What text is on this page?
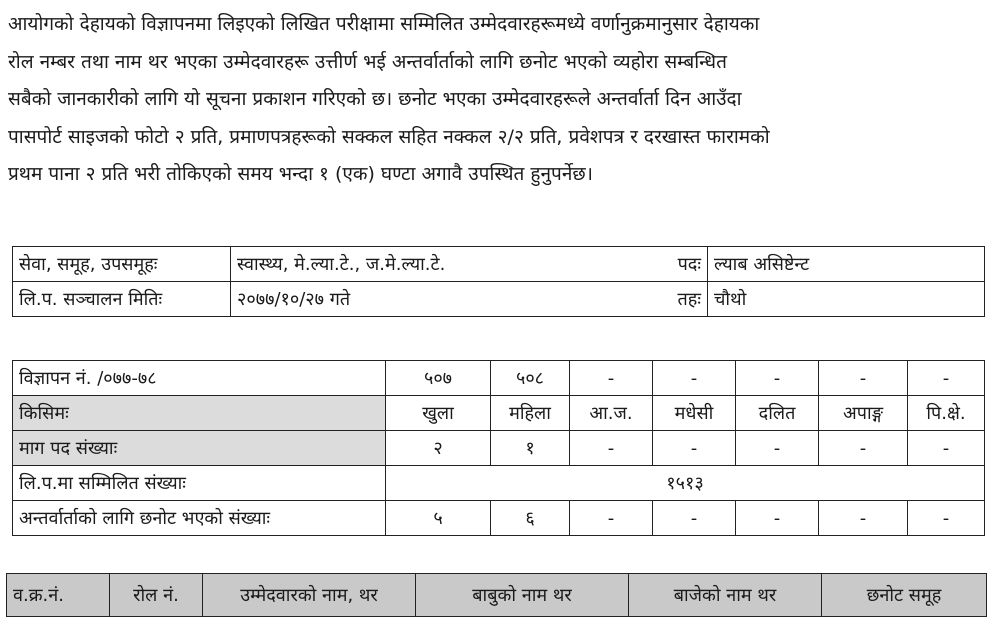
आयोगको देहायको विज्ञापनमा लिइएको लिखित परीक्षामा सम्मिलित उम्मेदवारहरूमध्ये वर्णानुक्रमानुसार देहायका
रोल नम्बर तथा नाम थर भएका उम्मेदवारहरू उत्तीर्ण भई अन्तर्वार्ताको लागि छनोट भएको व्यहोरा सम्बन्धित
सबैको जानकारीको लागि यो सूचना प्रकाशन गरिएको छ। छनोट भएका उम्मेदवारहरूले अन्तर्वार्ता दिन आउँदा
पासपोर्ट साइजको फोटो २ प्रति, प्रमाणपत्रहरूको सक्कल सहित नक्कल २/२ प्रति, प्रवेशपत्र र दरखास्त फारामको
प्रथम पाना २ प्रति भरी तोकिएको समय भन्दा १ (एक) घण्टा अगावै उपस्थित हुनुपर्नेछ।
सेवा, समूह, उपसमूहः	स्वास्थ्य, मे.ल्या.टे., ज.मे.ल्या.टे.	पदः	ल्याब असिष्टेन्ट
लि.प. सञ्चालन मितिः	२०७७/१०/२७ गते	तहः	चौथो
विज्ञापन नं. /०७७-७८	५०७	५०८	-	-	-	-	-
किसिमः	खुला	महिला	आ.ज.	मधेसी	दलित	अपाङ्ग	पि.क्षे.
माग पद संख्याः	२	१	-	-	-	-	-
लि.प.मा सम्मिलित संख्याः	१५१३						
अन्तर्वार्ताको लागि छनोट भएको संख्याः	५	६	-	-	-	-	-
व.क्र.नं.	रोल नं.	उम्मेदवारको नाम, थर	बाबुको नाम थर	बाजेको नाम थर	छनोट समूह
